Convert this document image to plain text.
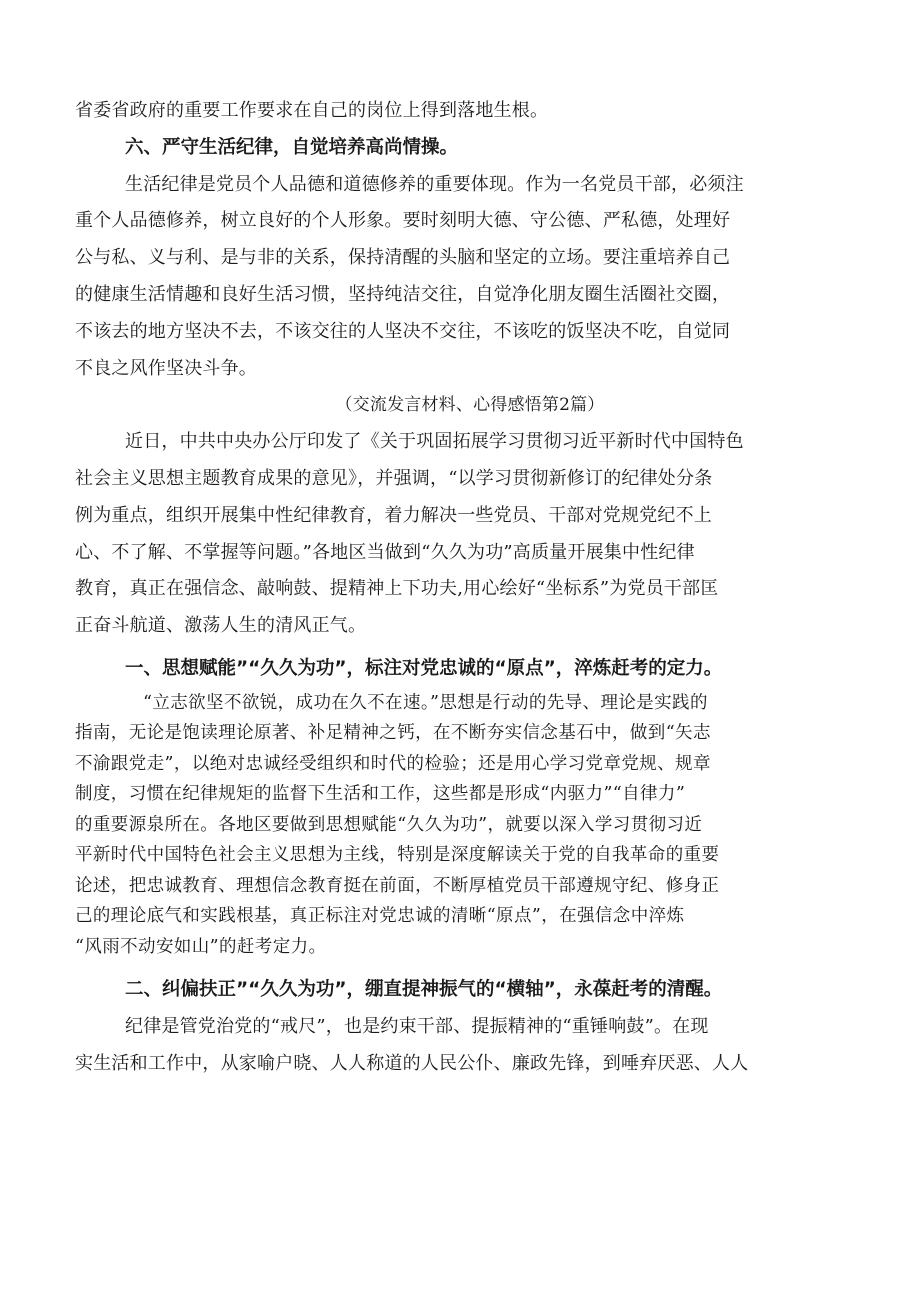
省委省政府的重要工作要求在自己的岗位上得到落地生根。
六、严守生活纪律，自觉培养高尚情操。
生活纪律是党员个人品德和道德修养的重要体现。作为一名党员干部，必须注
重个人品德修养，树立良好的个人形象。要时刻明大德、守公德、严私德，处理好
公与私、义与利、是与非的关系，保持清醒的头脑和坚定的立场。要注重培养自己
的健康生活情趣和良好生活习惯，坚持纯洁交往，自觉净化朋友圈生活圈社交圈，
不该去的地方坚决不去，不该交往的人坚决不交往，不该吃的饭坚决不吃，自觉同
不良之风作坚决斗争。
（交流发言材料、心得感悟第2篇）
近日，中共中央办公厅印发了《关于巩固拓展学习贯彻习近平新时代中国特色
社会主义思想主题教育成果的意见》，并强调，“以学习贯彻新修订的纪律处分条
例为重点，组织开展集中性纪律教育，着力解决一些党员、干部对党规党纪不上
心、不了解、不掌握等问题。”各地区当做到“久久为功”高质量开展集中性纪律
教育，真正在强信念、敲响鼓、提精神上下功夫,用心绘好“坐标系”为党员干部匡
正奋斗航道、激荡人生的清风正气。
一、思想赋能”“久久为功”，标注对党忠诚的“原点”，淬炼赶考的定力。
“立志欲坚不欲锐，成功在久不在速。”思想是行动的先导、理论是实践的
指南，无论是饱读理论原著、补足精神之钙，在不断夯实信念基石中，做到“矢志
不渝跟党走”，以绝对忠诚经受组织和时代的检验；还是用心学习党章党规、规章
制度，习惯在纪律规矩的监督下生活和工作，这些都是形成“内驱力”“自律力”
的重要源泉所在。各地区要做到思想赋能“久久为功”，就要以深入学习贯彻习近
平新时代中国特色社会主义思想为主线，特别是深度解读关于党的自我革命的重要
论述，把忠诚教育、理想信念教育挺在前面，不断厚植党员干部遵规守纪、修身正
己的理论底气和实践根基，真正标注对党忠诚的清晰“原点”，在强信念中淬炼
“风雨不动安如山”的赶考定力。
二、纠偏扶正”“久久为功”，绷直提神振气的“横轴”，永葆赶考的清醒。
纪律是管党治党的“戒尺”，也是约束干部、提振精神的“重锤响鼓”。在现
实生活和工作中，从家喻户晓、人人称道的人民公仆、廉政先锋，到唾弃厌恶、人人
